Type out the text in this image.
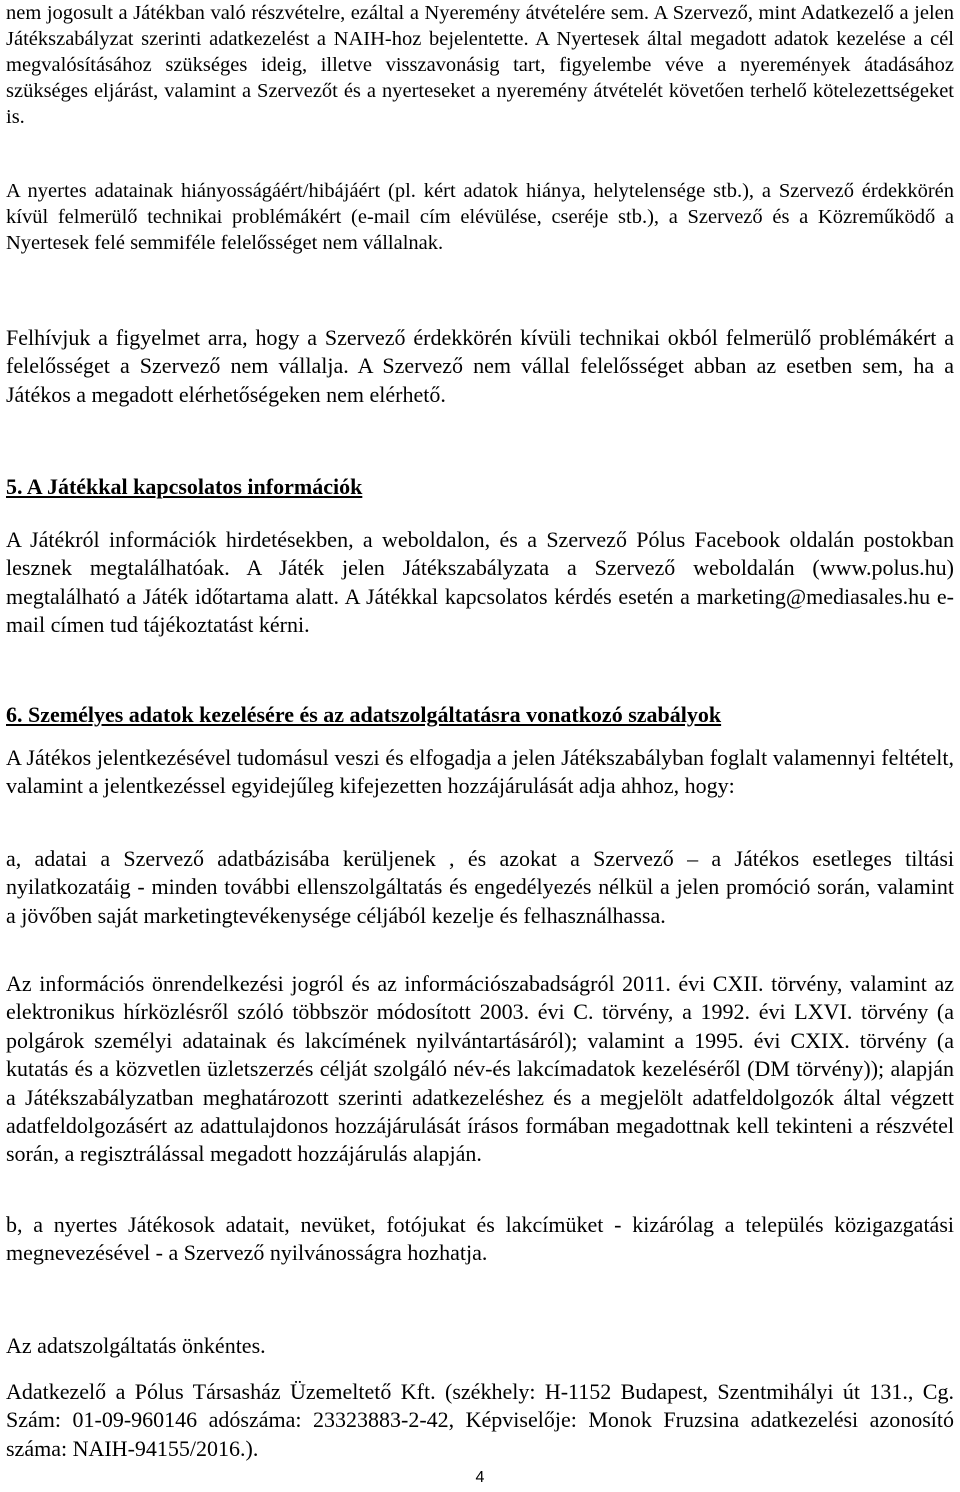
nem jogosult a Játékban való részvételre, ezáltal a Nyeremény átvételére sem. A Szervező, mint Adatkezelő a jelen Játékszabályzat szerinti adatkezelést a NAIH-hoz bejelentette. A Nyertesek által megadott adatok kezelése a cél megvalósításához szükséges ideig, illetve visszavonásig tart, figyelembe véve a nyeremények átadásához szükséges eljárást, valamint a Szervezőt és a nyerteseket a nyeremény átvételét követően terhelő kötelezettségeket is.

A nyertes adatainak hiányosságáért/hibájáért (pl. kért adatok hiánya, helytelensége stb.), a Szervező érdekkörén kívül felmerülő technikai problémákért (e-mail cím elévülése, cseréje stb.), a Szervező és a Közreműködő a Nyertesek felé semmiféle felelősséget nem vállalnak.

Felhívjuk a figyelmet arra, hogy a Szervező érdekkörén kívüli technikai okból felmerülő problémákért a felelősséget a Szervező nem vállalja. A Szervező nem vállal felelősséget abban az esetben sem, ha a Játékos a megadott elérhetőségeken nem elérhető.

5. A Játékkal kapcsolatos információk

A Játékról információk hirdetésekben, a weboldalon, és a Szervező Pólus Facebook oldalán postokban lesznek megtalálhatóak. A Játék jelen Játékszabályzata a Szervező weboldalán (www.polus.hu) megtalálható a Játék időtartama alatt. A Játékkal kapcsolatos kérdés esetén a marketing@mediasales.hu e-mail címen tud tájékoztatást kérni.

6. Személyes adatok kezelésére és az adatszolgáltatásra vonatkozó szabályok

A Játékos jelentkezésével tudomásul veszi és elfogadja a jelen Játékszabályban foglalt valamennyi feltételt, valamint a jelentkezéssel egyidejűleg kifejezetten hozzájárulását adja ahhoz, hogy:

a, adatai a Szervező adatbázisába kerüljenek , és azokat a Szervező – a Játékos esetleges tiltási nyilatkozatáig - minden további ellenszolgáltatás és engedélyezés nélkül a jelen promóció során, valamint a jövőben saját marketingtevékenysége céljából kezelje és felhasználhassa.

Az információs önrendelkezési jogról és az információszabadságról 2011. évi CXII. törvény, valamint az elektronikus hírközlésről szóló többször módosított 2003. évi C. törvény, a 1992. évi LXVI. törvény (a polgárok személyi adatainak és lakcímének nyilvántartásáról); valamint a 1995. évi CXIX. törvény (a kutatás és a közvetlen üzletszerzés célját szolgáló név-és lakcímadatok kezeléséről (DM törvény)); alapján a Játékszabályzatban meghatározott szerinti adatkezeléshez és a megjelölt adatfeldolgozók által végzett adatfeldolgozásért az adattulajdonos hozzájárulását írásos formában megadottnak kell tekinteni a részvétel során, a regisztrálással megadott hozzájárulás alapján.

b, a nyertes Játékosok adatait, nevüket, fotójukat és lakcímüket - kizárólag a település közigazgatási megnevezésével - a Szervező nyilvánosságra hozhatja.

Az adatszolgáltatás önkéntes.

Adatkezelő a Pólus Társasház Üzemeltető Kft. (székhely: H-1152 Budapest, Szentmihályi út 131., Cg. Szám: 01-09-960146 adószáma: 23323883-2-42, Képviselője: Monok Fruzsina adatkezelési azonosító száma: NAIH-94155/2016.).

4
